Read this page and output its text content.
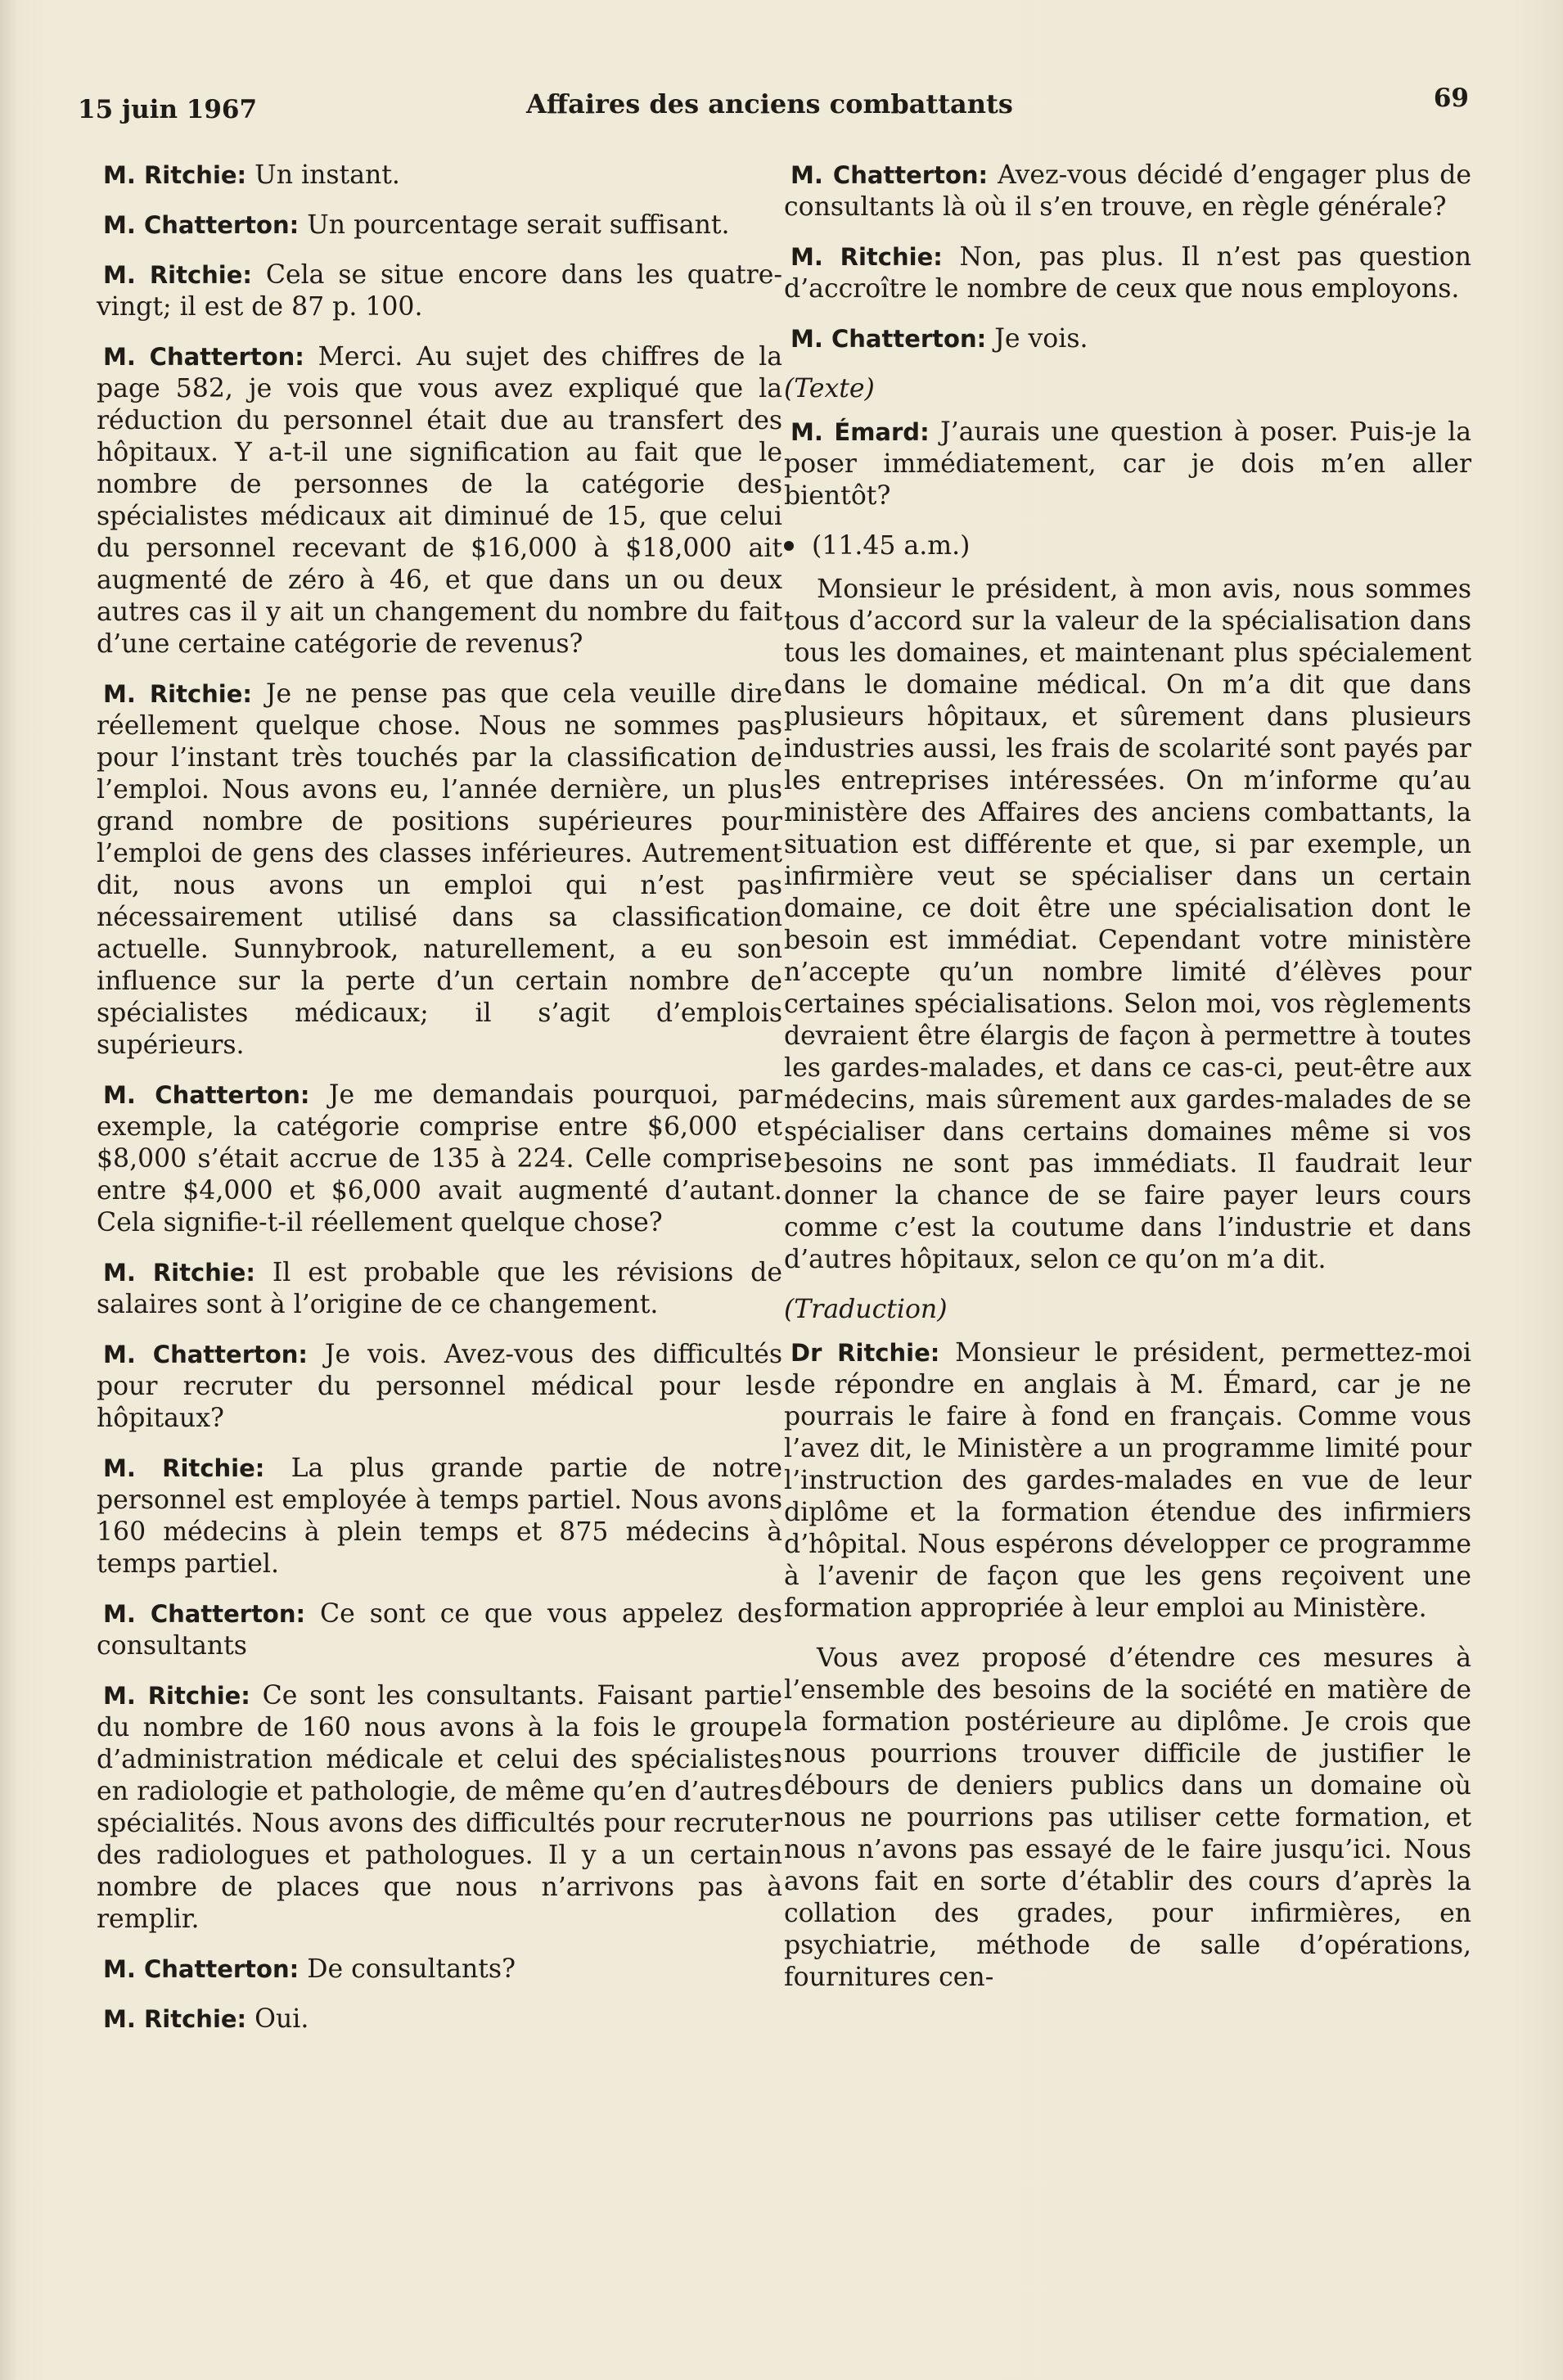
15 juin 1967	Affaires des anciens combattants	69

M. Ritchie: Un instant.

M. Chatterton: Un pourcentage serait suffisant.

M. Ritchie: Cela se situe encore dans les quatre-vingt; il est de 87 p. 100.

M. Chatterton: Merci. Au sujet des chiffres de la page 582, je vois que vous avez expliqué que la réduction du personnel était due au transfert des hôpitaux. Y a-t-il une signification au fait que le nombre de personnes de la catégorie des spécialistes médicaux ait diminué de 15, que celui du personnel recevant de $16,000 à $18,000 ait augmenté de zéro à 46, et que dans un ou deux autres cas il y ait un changement du nombre du fait d’une certaine catégorie de revenus?

M. Ritchie: Je ne pense pas que cela veuille dire réellement quelque chose. Nous ne sommes pas pour l’instant très touchés par la classification de l’emploi. Nous avons eu, l’année dernière, un plus grand nombre de positions supérieures pour l’emploi de gens des classes inférieures. Autrement dit, nous avons un emploi qui n’est pas nécessairement utilisé dans sa classification actuelle. Sunnybrook, naturellement, a eu son influence sur la perte d’un certain nombre de spécialistes médicaux; il s’agit d’emplois supérieurs.

M. Chatterton: Je me demandais pourquoi, par exemple, la catégorie comprise entre $6,000 et $8,000 s’était accrue de 135 à 224. Celle comprise entre $4,000 et $6,000 avait augmenté d’autant. Cela signifie-t-il réellement quelque chose?

M. Ritchie: Il est probable que les révisions de salaires sont à l’origine de ce changement.

M. Chatterton: Je vois. Avez-vous des difficultés pour recruter du personnel médical pour les hôpitaux?

M. Ritchie: La plus grande partie de notre personnel est employée à temps partiel. Nous avons 160 médecins à plein temps et 875 médecins à temps partiel.

M. Chatterton: Ce sont ce que vous appelez des consultants

M. Ritchie: Ce sont les consultants. Faisant partie du nombre de 160 nous avons à la fois le groupe d’administration médicale et celui des spécialistes en radiologie et pathologie, de même qu’en d’autres spécialités. Nous avons des difficultés pour recruter des radiologues et pathologues. Il y a un certain nombre de places que nous n’arrivons pas à remplir.

M. Chatterton: De consultants?

M. Ritchie: Oui.

M. Chatterton: Avez-vous décidé d’engager plus de consultants là où il s’en trouve, en règle générale?

M. Ritchie: Non, pas plus. Il n’est pas question d’accroître le nombre de ceux que nous employons.

M. Chatterton: Je vois.

(Texte)

M. Émard: J’aurais une question à poser. Puis-je la poser immédiatement, car je dois m’en aller bientôt?

(11.45 a.m.)

Monsieur le président, à mon avis, nous sommes tous d’accord sur la valeur de la spécialisation dans tous les domaines, et maintenant plus spécialement dans le domaine médical. On m’a dit que dans plusieurs hôpitaux, et sûrement dans plusieurs industries aussi, les frais de scolarité sont payés par les entreprises intéressées. On m’informe qu’au ministère des Affaires des anciens combattants, la situation est différente et que, si par exemple, un infirmière veut se spécialiser dans un certain domaine, ce doit être une spécialisation dont le besoin est immédiat. Cependant votre ministère n’accepte qu’un nombre limité d’élèves pour certaines spécialisations. Selon moi, vos règlements devraient être élargis de façon à permettre à toutes les gardes-malades, et dans ce cas-ci, peut-être aux médecins, mais sûrement aux gardes-malades de se spécialiser dans certains domaines même si vos besoins ne sont pas immédiats. Il faudrait leur donner la chance de se faire payer leurs cours comme c’est la coutume dans l’industrie et dans d’autres hôpitaux, selon ce qu’on m’a dit.

(Traduction)

Dr Ritchie: Monsieur le président, permettez-moi de répondre en anglais à M. Émard, car je ne pourrais le faire à fond en français. Comme vous l’avez dit, le Ministère a un programme limité pour l’instruction des gardes-malades en vue de leur diplôme et la formation étendue des infirmiers d’hôpital. Nous espérons développer ce programme à l’avenir de façon que les gens reçoivent une formation appropriée à leur emploi au Ministère.

Vous avez proposé d’étendre ces mesures à l’ensemble des besoins de la société en matière de la formation postérieure au diplôme. Je crois que nous pourrions trouver difficile de justifier le débours de deniers publics dans un domaine où nous ne pourrions pas utiliser cette formation, et nous n’avons pas essayé de le faire jusqu’ici. Nous avons fait en sorte d’établir des cours d’après la collation des grades, pour infirmières, en psychiatrie, méthode de salle d’opérations, fournitures cen-
